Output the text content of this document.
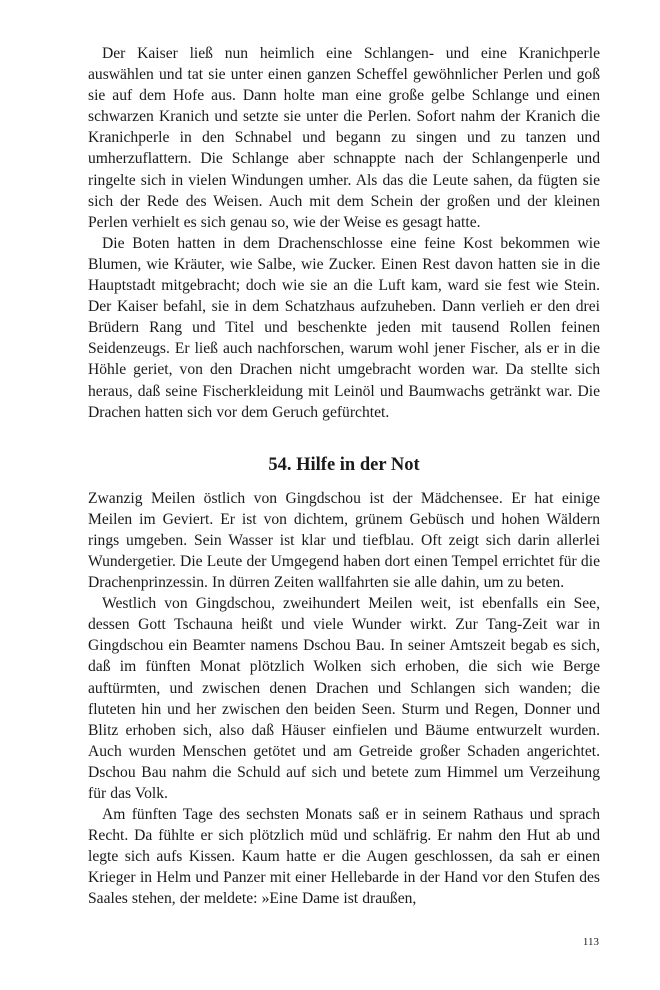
Der Kaiser ließ nun heimlich eine Schlangen- und eine Kranichperle auswählen und tat sie unter einen ganzen Scheffel gewöhnlicher Perlen und goß sie auf dem Hofe aus. Dann holte man eine große gelbe Schlange und einen schwarzen Kranich und setzte sie unter die Perlen. Sofort nahm der Kranich die Kranichperle in den Schnabel und begann zu singen und zu tanzen und umherzuflattern. Die Schlange aber schnappte nach der Schlangenperle und ringelte sich in vielen Windungen umher. Als das die Leute sahen, da fügten sie sich der Rede des Weisen. Auch mit dem Schein der großen und der kleinen Perlen verhielt es sich genau so, wie der Weise es gesagt hatte.

Die Boten hatten in dem Drachenschlosse eine feine Kost bekommen wie Blumen, wie Kräuter, wie Salbe, wie Zucker. Einen Rest davon hatten sie in die Hauptstadt mitgebracht; doch wie sie an die Luft kam, ward sie fest wie Stein. Der Kaiser befahl, sie in dem Schatzhaus aufzuheben. Dann verlieh er den drei Brüdern Rang und Titel und beschenkte jeden mit tausend Rollen feinen Seidenzeugs. Er ließ auch nachforschen, warum wohl jener Fischer, als er in die Höhle geriet, von den Drachen nicht umgebracht worden war. Da stellte sich heraus, daß seine Fischerkleidung mit Leinöl und Baumwachs getränkt war. Die Drachen hatten sich vor dem Geruch gefürchtet.

54. Hilfe in der Not

Zwanzig Meilen östlich von Gingdschou ist der Mädchensee. Er hat einige Meilen im Geviert. Er ist von dichtem, grünem Gebüsch und hohen Wäldern rings umgeben. Sein Wasser ist klar und tiefblau. Oft zeigt sich darin allerlei Wundergetier. Die Leute der Umgegend haben dort einen Tempel errichtet für die Drachenprinzessin. In dürren Zeiten wallfahrten sie alle dahin, um zu beten.

Westlich von Gingdschou, zweihundert Meilen weit, ist ebenfalls ein See, dessen Gott Tschauna heißt und viele Wunder wirkt. Zur Tang-Zeit war in Gingdschou ein Beamter namens Dschou Bau. In seiner Amtszeit begab es sich, daß im fünften Monat plötzlich Wolken sich erhoben, die sich wie Berge auftürmten, und zwischen denen Drachen und Schlangen sich wanden; die fluteten hin und her zwischen den beiden Seen. Sturm und Regen, Donner und Blitz erhoben sich, also daß Häuser einfielen und Bäume entwurzelt wurden. Auch wurden Menschen getötet und am Getreide großer Schaden angerichtet. Dschou Bau nahm die Schuld auf sich und betete zum Himmel um Verzeihung für das Volk.

Am fünften Tage des sechsten Monats saß er in seinem Rathaus und sprach Recht. Da fühlte er sich plötzlich müd und schläfrig. Er nahm den Hut ab und legte sich aufs Kissen. Kaum hatte er die Augen geschlossen, da sah er einen Krieger in Helm und Panzer mit einer Hellebarde in der Hand vor den Stufen des Saales stehen, der meldete: »Eine Dame ist draußen,

113
